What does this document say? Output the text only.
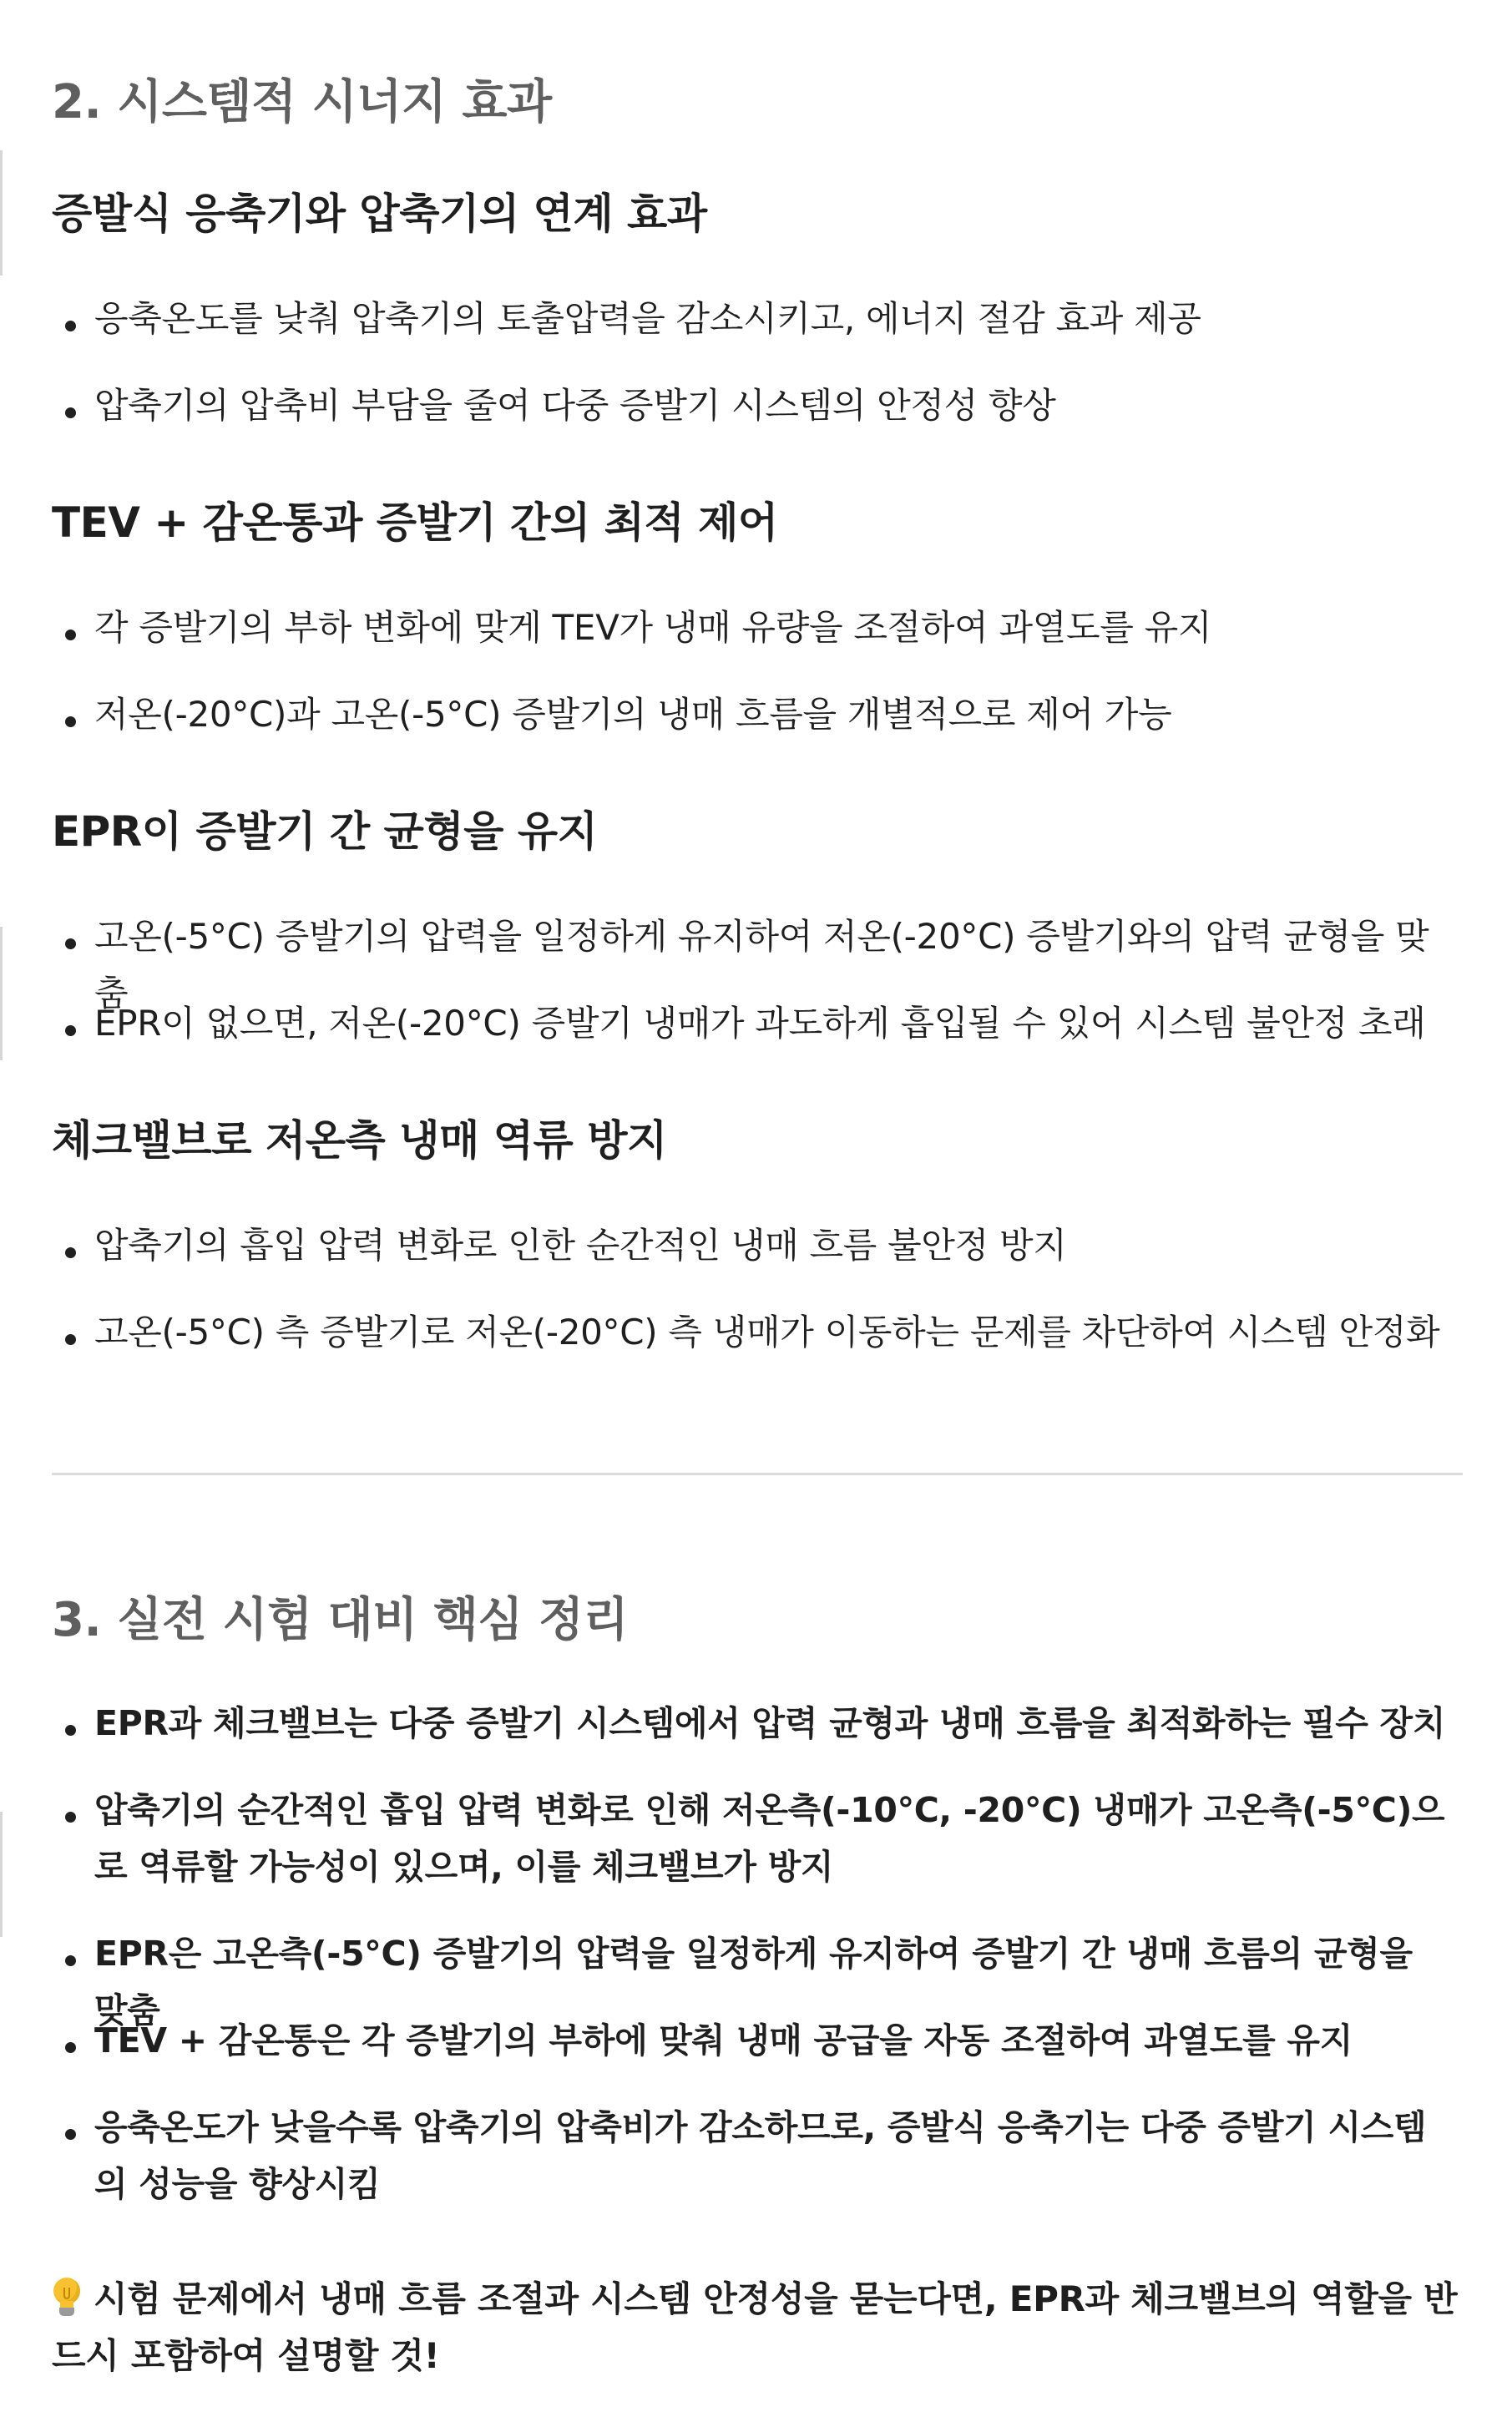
2. 시스템적 시너지 효과
증발식 응축기와 압축기의 연계 효과
응축온도를 낮춰 압축기의 토출압력을 감소시키고, 에너지 절감 효과 제공
압축기의 압축비 부담을 줄여 다중 증발기 시스템의 안정성 향상
TEV + 감온통과 증발기 간의 최적 제어
각 증발기의 부하 변화에 맞게 TEV가 냉매 유량을 조절하여 과열도를 유지
저온(-20°C)과 고온(-5°C) 증발기의 냉매 흐름을 개별적으로 제어 가능
EPR이 증발기 간 균형을 유지
고온(-5°C) 증발기의 압력을 일정하게 유지하여 저온(-20°C) 증발기와의 압력 균형을 맞춤
EPR이 없으면, 저온(-20°C) 증발기 냉매가 과도하게 흡입될 수 있어 시스템 불안정 초래
체크밸브로 저온측 냉매 역류 방지
압축기의 흡입 압력 변화로 인한 순간적인 냉매 흐름 불안정 방지
고온(-5°C) 측 증발기로 저온(-20°C) 측 냉매가 이동하는 문제를 차단하여 시스템 안정화
3. 실전 시험 대비 핵심 정리
EPR과 체크밸브는 다중 증발기 시스템에서 압력 균형과 냉매 흐름을 최적화하는 필수 장치
압축기의 순간적인 흡입 압력 변화로 인해 저온측(-10°C, -20°C) 냉매가 고온측(-5°C)으로 역류할 가능성이 있으며, 이를 체크밸브가 방지
EPR은 고온측(-5°C) 증발기의 압력을 일정하게 유지하여 증발기 간 냉매 흐름의 균형을 맞춤
TEV + 감온통은 각 증발기의 부하에 맞춰 냉매 공급을 자동 조절하여 과열도를 유지
응축온도가 낮을수록 압축기의 압축비가 감소하므로, 증발식 응축기는 다중 증발기 시스템의 성능을 향상시킴
시험 문제에서 냉매 흐름 조절과 시스템 안정성을 묻는다면, EPR과 체크밸브의 역할을 반드시 포함하여 설명할 것!
